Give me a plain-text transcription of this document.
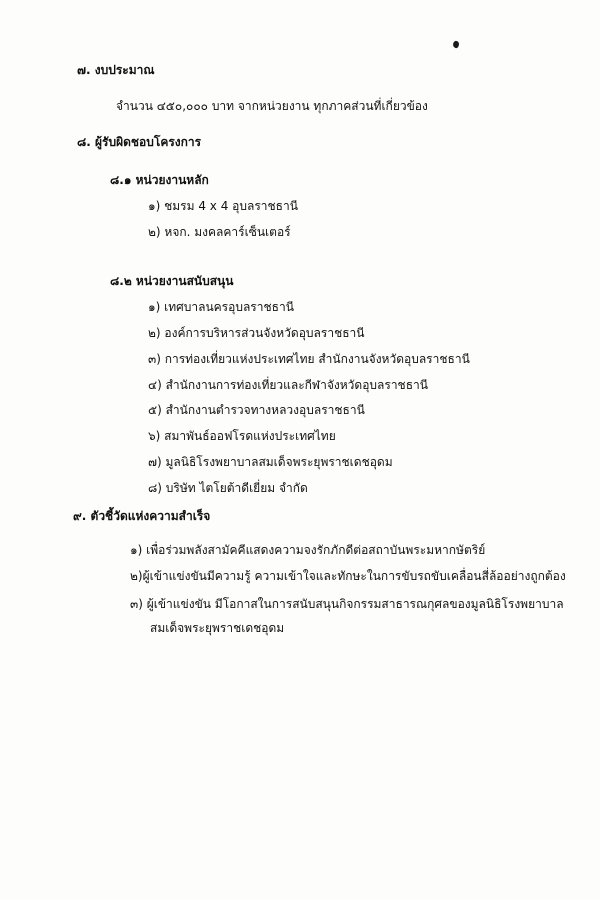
๗. งบประมาณ
จำนวน ๔๕๐,๐๐๐ บาท จากหน่วยงาน ทุกภาคส่วนที่เกี่ยวข้อง
๘. ผู้รับผิดชอบโครงการ
๘.๑ หน่วยงานหลัก
๑) ชมรม 4 x 4 อุบลราชธานี
๒) หจก. มงคลคาร์เซ็นเตอร์
๘.๒ หน่วยงานสนับสนุน
๑) เทศบาลนครอุบลราชธานี
๒) องค์การบริหารส่วนจังหวัดอุบลราชธานี
๓) การท่องเที่ยวแห่งประเทศไทย สำนักงานจังหวัดอุบลราชธานี
๔) สำนักงานการท่องเที่ยวและกีฬาจังหวัดอุบลราชธานี
๕) สำนักงานตำรวจทางหลวงอุบลราชธานี
๖) สมาพันธ์ออฟโรดแห่งประเทศไทย
๗) มูลนิธิโรงพยาบาลสมเด็จพระยุพราชเดชอุดม
๘) บริษัท ไตโยต้าดีเยี่ยม จำกัด
๙. ตัวชี้วัดแห่งความสำเร็จ
๑) เพื่อร่วมพลังสามัคคีแสดงความจงรักภักดีต่อสถาบันพระมหากษัตริย์
๒)ผู้เข้าแข่งขันมีความรู้ ความเข้าใจและทักษะในการขับรถขับเคลื่อนสี่ล้ออย่างถูกต้อง
๓) ผู้เข้าแข่งขัน มีโอกาสในการสนับสนุนกิจกรรมสาธารณกุศลของมูลนิธิโรงพยาบาล
สมเด็จพระยุพราชเดชอุดม
